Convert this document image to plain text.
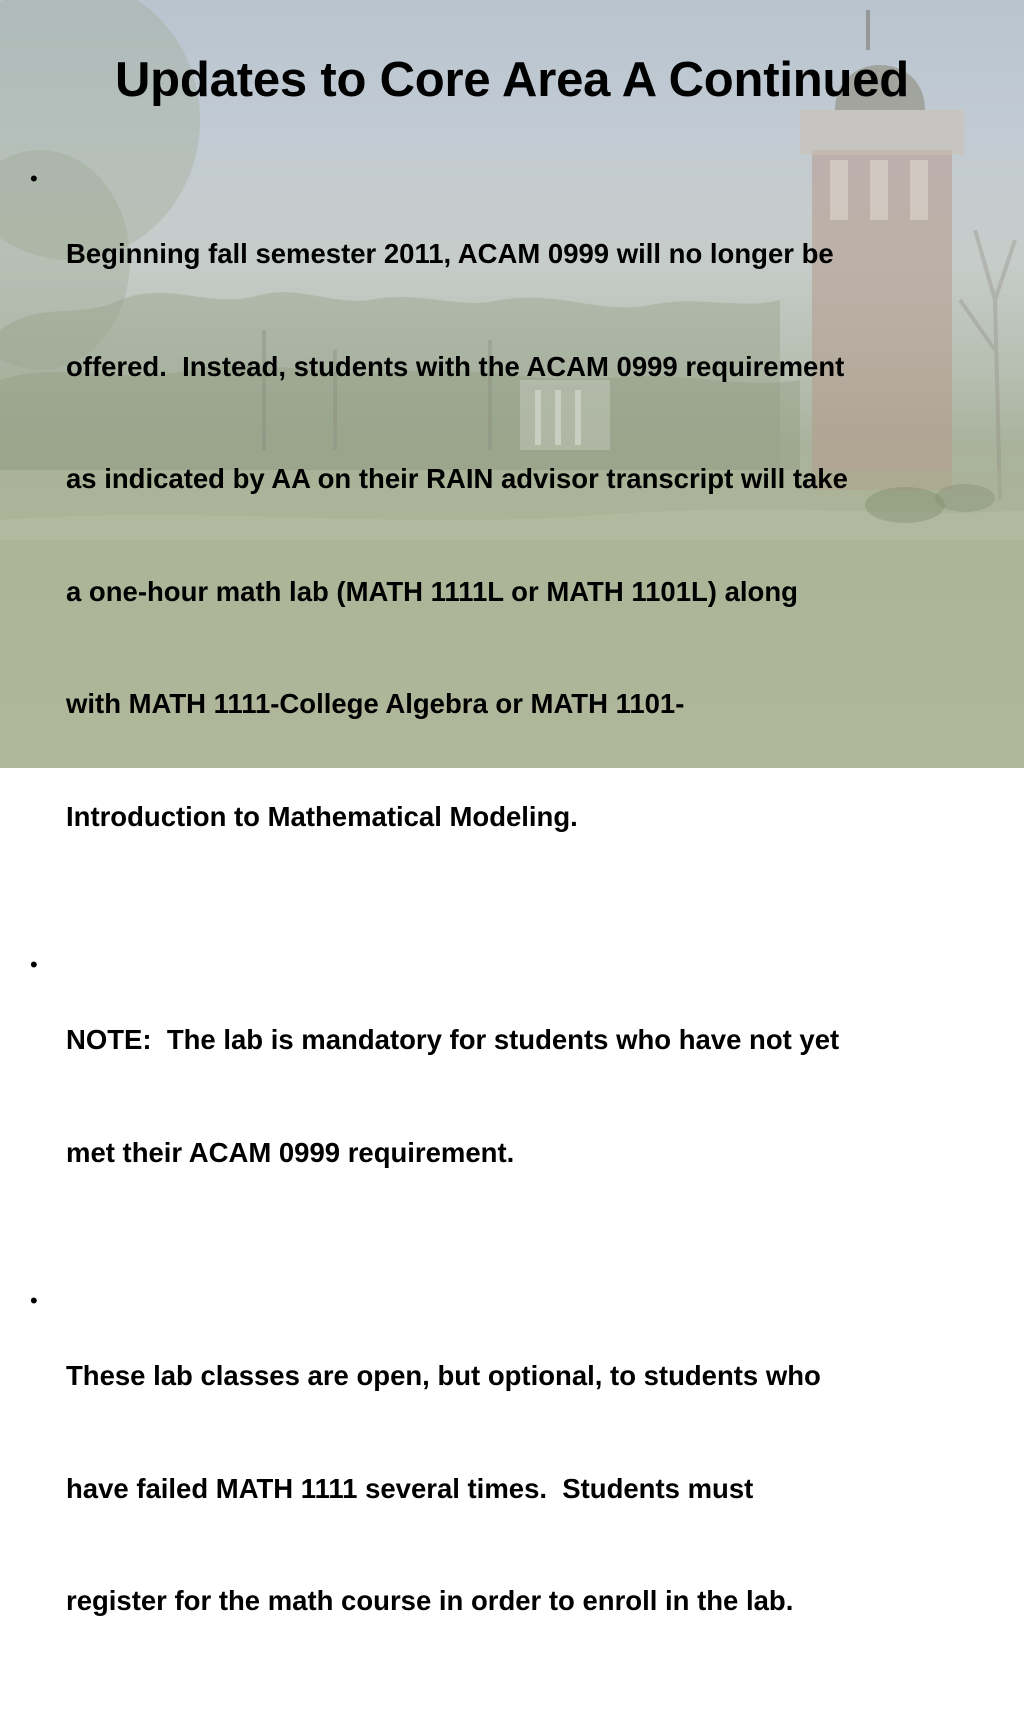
Updates to Core Area A Continued
•

Beginning fall semester 2011, ACAM 0999 will no longer be

offered.  Instead, students with the ACAM 0999 requirement

as indicated by AA on their RAIN advisor transcript will take

a one-hour math lab (MATH 1111L or MATH 1101L) along

with MATH 1111-College Algebra or MATH 1101-

Introduction to Mathematical Modeling.

•

NOTE:  The lab is mandatory for students who have not yet

met their ACAM 0999 requirement.

•

These lab classes are open, but optional, to students who

have failed MATH 1111 several times.  Students must

register for the math course in order to enroll in the lab.
